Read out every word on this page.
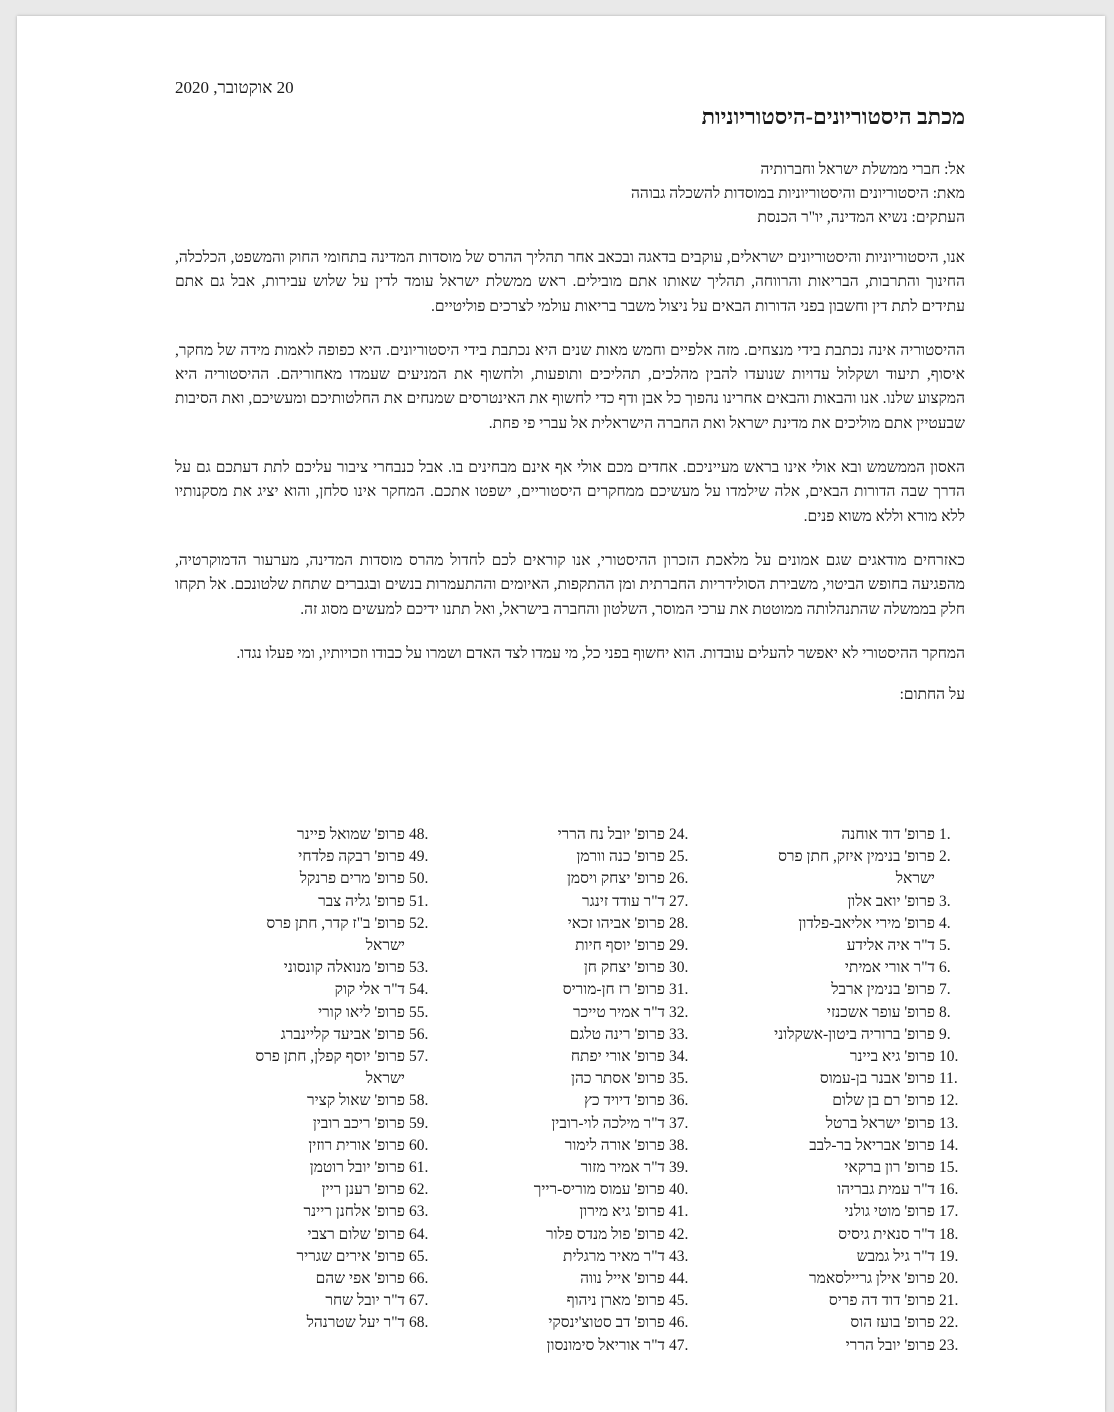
20 אוקטובר, 2020
מכתב היסטוריונים-היסטוריוניות
אל: חברי ממשלת ישראל וחברותיה
מאת: היסטוריונים והיסטוריוניות במוסדות להשכלה גבוהה
העתקים: נשיא המדינה, יו"ר הכנסת

אנו, היסטוריוניות והיסטוריונים ישראלים, עוקבים בדאגה ובכאב אחר תהליך ההרס של מוסדות המדינה בתחומי החוק והמשפט, הכלכלה, החינוך והתרבות, הבריאות והרווחה, תהליך שאותו אתם מובילים. ראש ממשלת ישראל עומד לדין על שלוש עבירות, אבל גם אתם עתידים לתת דין וחשבון בפני הדורות הבאים על ניצול משבר בריאות עולמי לצרכים פוליטיים.

ההיסטוריה אינה נכתבת בידי מנצחים. מזה אלפיים וחמש מאות שנים היא נכתבת בידי היסטוריונים. היא כפופה לאמות מידה של מחקר, איסוף, תיעוד ושקלול עדויות שנועדו להבין מהלכים, תהליכים ותופעות, ולחשוף את המניעים שעמדו מאחוריהם. ההיסטוריה היא המקצוע שלנו. אנו והבאות והבאים אחרינו נהפוך כל אבן ודף כדי לחשוף את האינטרסים שמנחים את החלטותיכם ומעשיכם, ואת הסיבות שבעטיין אתם מוליכים את מדינת ישראל ואת החברה הישראלית אל עברי פי פחת.

האסון הממשמש ובא אולי אינו בראש מעייניכם. אחדים מכם אולי אף אינם מבחינים בו. אבל כנבחרי ציבור עליכם לתת דעתכם גם על הדרך שבה הדורות הבאים, אלה שילמדו על מעשיכם ממחקרים היסטוריים, ישפטו אתכם. המחקר אינו סלחן, והוא יציג את מסקנותיו ללא מורא וללא משוא פנים.

כאזרחים מודאגים שגם אמונים על מלאכת הזכרון ההיסטורי, אנו קוראים לכם לחדול מהרס מוסדות המדינה, מערעור הדמוקרטיה, מהפגיעה בחופש הביטוי, משבירת הסולידריות החברתית ומן ההתקפות, האיומים וההתעמרות בנשים ובגברים שתחת שלטונכם. אל תקחו חלק בממשלה שהתנהלותה ממוטטת את ערכי המוסר, השלטון והחברה בישראל, ואל תתנו ידיכם למעשים מסוג זה.

המחקר ההיסטורי לא יאפשר להעלים עובדות. הוא יחשוף בפני כל, מי עמדו לצד האדם ושמרו על כבודו וזכויותיו, ומי פעלו נגדו.

על החתום:

1.
פרופ' דוד אוחנה
2.
פרופ' בנימין איזק, חתן פרס ישראל
3.
פרופ' יואב אלון
4.
פרופ' מירי אליאב-פלדון
5.
ד"ר איה אלידע
6.
ד"ר אורי אמיתי
7.
פרופ' בנימין ארבל
8.
פרופ' עופר אשכנזי
9.
פרופ' ברוריה ביטון-אשקלוני
10.
פרופ' גיא ביינר
11.
פרופ' אבנר בן-עמוס
12.
פרופ' רם בן שלום
13.
פרופ' ישראל ברטל
14.
פרופ' אבריאל בר-לבב
15.
פרופ' רון ברקאי
16.
ד"ר עמית גבריהו
17.
פרופ' מוטי גולני
18.
ד"ר סנאית גיסיס
19.
ד"ר גיל גמבש
20.
פרופ' אילן גריילסאמר
21.
פרופ' דוד דה פריס
22.
פרופ' בועז הוס
23.
פרופ' יובל הררי
24.
פרופ' יובל נח הררי
25.
פרופ' כנה וורמן
26.
פרופ' יצחק ויסמן
27.
ד"ר עודד זינגר
28.
פרופ' אביהו זכאי
29.
פרופ' יוסף חיות
30.
פרופ' יצחק חן
31.
פרופ' רז חן-מוריס
32.
ד"ר אמיר טייכר
33.
פרופ' רינה טלגם
34.
פרופ' אורי יפתח
35.
פרופ' אסתר כהן
36.
פרופ' דיויד כץ
37.
ד"ר מילכה לוי-רובין
38.
פרופ' אורה לימור
39.
ד"ר אמיר מזור
40.
פרופ' עמוס מוריס-רייך
41.
פרופ' גיא מירון
42.
פרופ' פול מנדס פלור
43.
ד"ר מאיר מרגלית
44.
פרופ' אייל נווה
45.
פרופ' מארן ניהוף
46.
פרופ' דב סטוצ'ינסקי
47.
ד"ר אוריאל סימונסון
48.
פרופ' שמואל פיינר
49.
פרופ' רבקה פלדחי
50.
פרופ' מרים פרנקל
51.
פרופ' גליה צבר
52.
פרופ' ב"ז קדר, חתן פרס ישראל
53.
פרופ' מנואלה קונסוני
54.
ד"ר אלי קוק
55.
פרופ' ליאו קורי
56.
פרופ' אביעד קליינברג
57.
פרופ' יוסף קפלן, חתן פרס ישראל
58.
פרופ' שאול קציר
59.
פרופ' ריכב רובין
60.
פרופ' אורית רוזין
61.
פרופ' יובל רוטמן
62.
פרופ' רענן ריין
63.
פרופ' אלחנן ריינר
64.
פרופ' שלום רצבי
65.
פרופ' אירים שגריר
66.
פרופ' אפי שהם
67.
ד"ר יובל שחר
68.
ד"ר יעל שטרנהל
